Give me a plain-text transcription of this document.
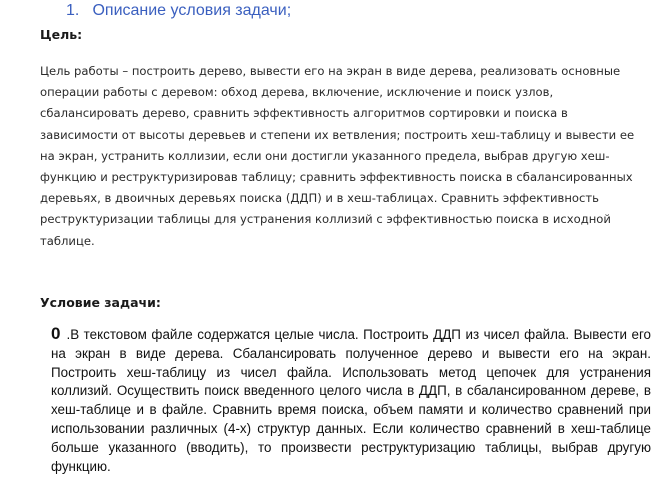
1. Описание условия задачи;
Цель:
Цель работы – построить дерево, вывести его на экран в виде дерева, реализовать основные
операции работы с деревом: обход дерева, включение, исключение и поиск узлов,
сбалансировать дерево, сравнить эффективность алгоритмов сортировки и поиска в
зависимости от высоты деревьев и степени их ветвления; построить хеш-таблицу и вывести ее
на экран, устранить коллизии, если они достигли указанного предела, выбрав другую хеш-
функцию и реструктуризировав таблицу; сравнить эффективность поиска в сбалансированных
деревьях, в двоичных деревьях поиска (ДДП) и в хеш-таблицах. Сравнить эффективность
реструктуризации таблицы для устранения коллизий с эффективностью поиска в исходной
таблице.
Условие задачи:
0 .В текстовом файле содержатся целые числа. Построить ДДП из чисел файла. Вывести его на экран в виде дерева. Сбалансировать полученное дерево и вывести его на экран. Построить хеш-таблицу из чисел файла. Использовать метод цепочек для устранения коллизий. Осуществить поиск введенного целого числа в ДДП, в сбалансированном дереве, в хеш-таблице и в файле. Сравнить время поиска, объем памяти и количество сравнений при использовании различных (4-х) структур данных. Если количество сравнений в хеш-таблице больше указанного (вводить), то произвести реструктуризацию таблицы, выбрав другую функцию.
